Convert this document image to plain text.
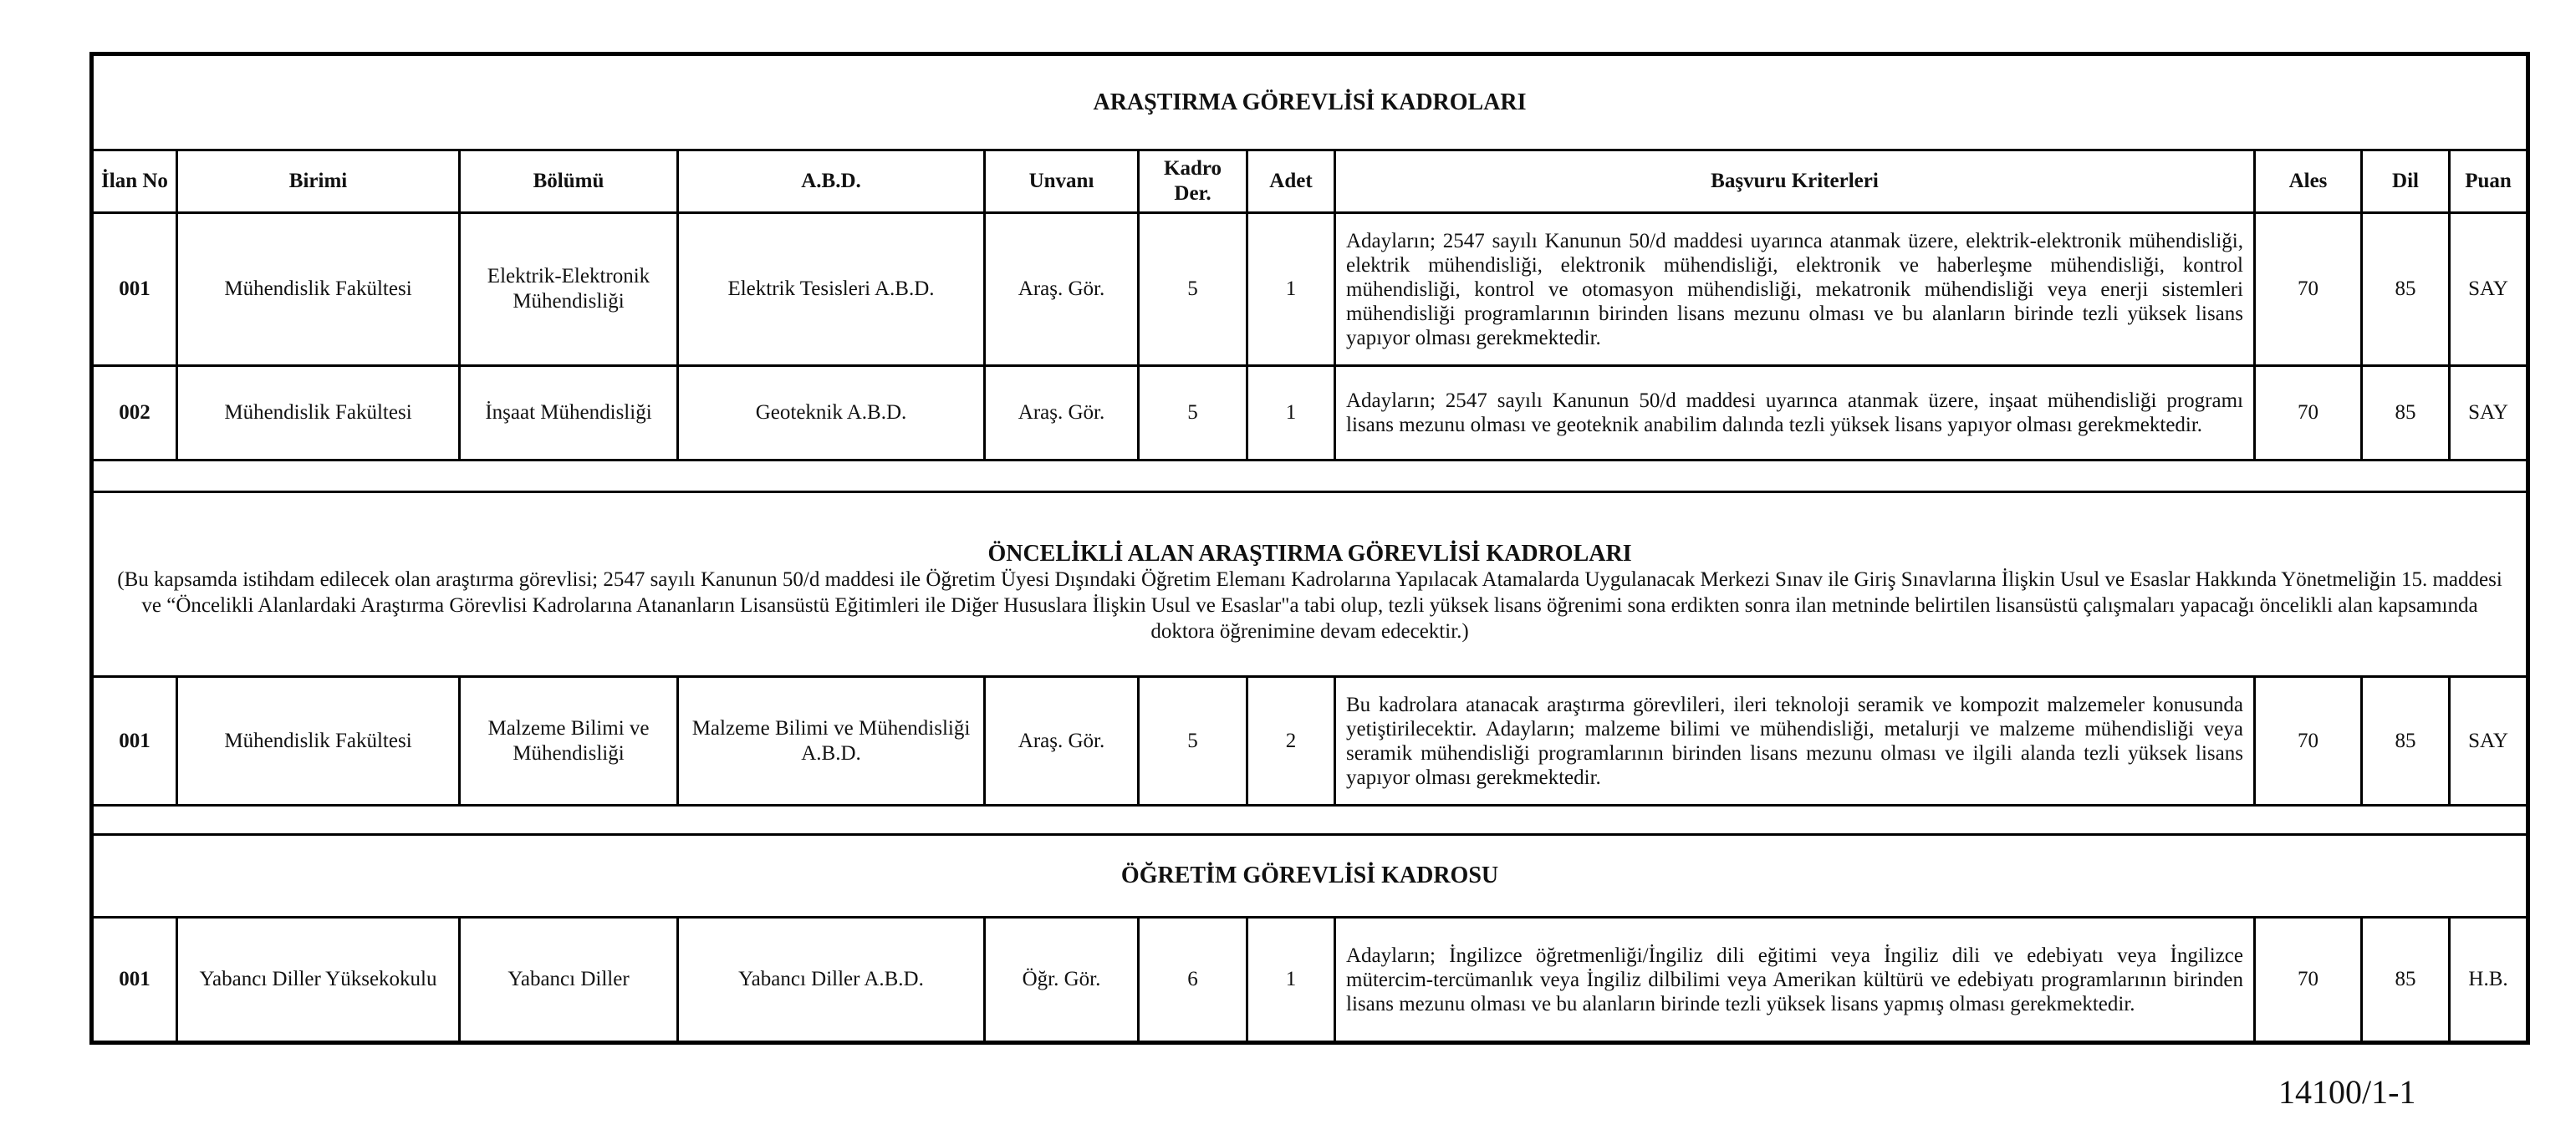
ARAŞTIRMA GÖREVLİSİ KADROLARI										
İlan No	Birimi	Bölümü	A.B.D.	Unvanı	Kadro Der.	Adet	Başvuru Kriterleri	Ales	Dil	Puan
001	Mühendislik Fakültesi	Elektrik-Elektronik Mühendisliği	Elektrik Tesisleri A.B.D.	Araş. Gör.	5	1	Adayların; 2547 sayılı Kanunun 50/d maddesi uyarınca atanmak üzere, elektrik-elektronik mühendisliği, elektrik mühendisliği, elektronik mühendisliği, elektronik ve haberleşme mühendisliği, kontrol mühendisliği, kontrol ve otomasyon mühendisliği, mekatronik mühendisliği veya enerji sistemleri mühendisliği programlarının birinden lisans mezunu olması ve bu alanların birinde tezli yüksek lisans yapıyor olması gerekmektedir.	70	85	SAY
002	Mühendislik Fakültesi	İnşaat Mühendisliği	Geoteknik A.B.D.	Araş. Gör.	5	1	Adayların; 2547 sayılı Kanunun 50/d maddesi uyarınca atanmak üzere, inşaat mühendisliği programı lisans mezunu olması ve geoteknik anabilim dalında tezli yüksek lisans yapıyor olması gerekmektedir.	70	85	SAY

ÖNCELİKLİ ALAN ARAŞTIRMA GÖREVLİSİ KADROLARI
(Bu kapsamda istihdam edilecek olan araştırma görevlisi; 2547 sayılı Kanunun 50/d maddesi ile Öğretim Üyesi Dışındaki Öğretim Elemanı Kadrolarına Yapılacak Atamalarda Uygulanacak Merkezi Sınav ile Giriş Sınavlarına İlişkin Usul ve Esaslar Hakkında Yönetmeliğin 15. maddesi ve “Öncelikli Alanlardaki Araştırma Görevlisi Kadrolarına Atananların Lisansüstü Eğitimleri ile Diğer Hususlara İlişkin Usul ve Esaslar"a tabi olup, tezli yüksek lisans öğrenimi sona erdikten sonra ilan metninde belirtilen lisansüstü çalışmaları yapacağı öncelikli alan kapsamında doktora öğrenimine devam edecektir.)										

001	Mühendislik Fakültesi	Malzeme Bilimi ve Mühendisliği	Malzeme Bilimi ve Mühendisliği A.B.D.	Araş. Gör.	5	2	Bu kadrolara atanacak araştırma görevlileri, ileri teknoloji seramik ve kompozit malzemeler konusunda yetiştirilecektir. Adayların; malzeme bilimi ve mühendisliği, metalurji ve malzeme mühendisliği veya seramik mühendisliği programlarının birinden lisans mezunu olması ve ilgili alanda tezli yüksek lisans yapıyor olması gerekmektedir.	70	85	SAY

ÖĞRETİM GÖREVLİSİ KADROSU										
001	Yabancı Diller Yüksekokulu	Yabancı Diller	Yabancı Diller A.B.D.	Öğr. Gör.	6	1	Adayların; İngilizce öğretmenliği/İngiliz dili eğitimi veya İngiliz dili ve edebiyatı veya İngilizce mütercim-tercümanlık veya İngiliz dilbilimi veya Amerikan kültürü ve edebiyatı programlarının birinden lisans mezunu olması ve bu alanların birinde tezli yüksek lisans yapmış olması gerekmektedir.	70	85	H.B.
14100/1-1
